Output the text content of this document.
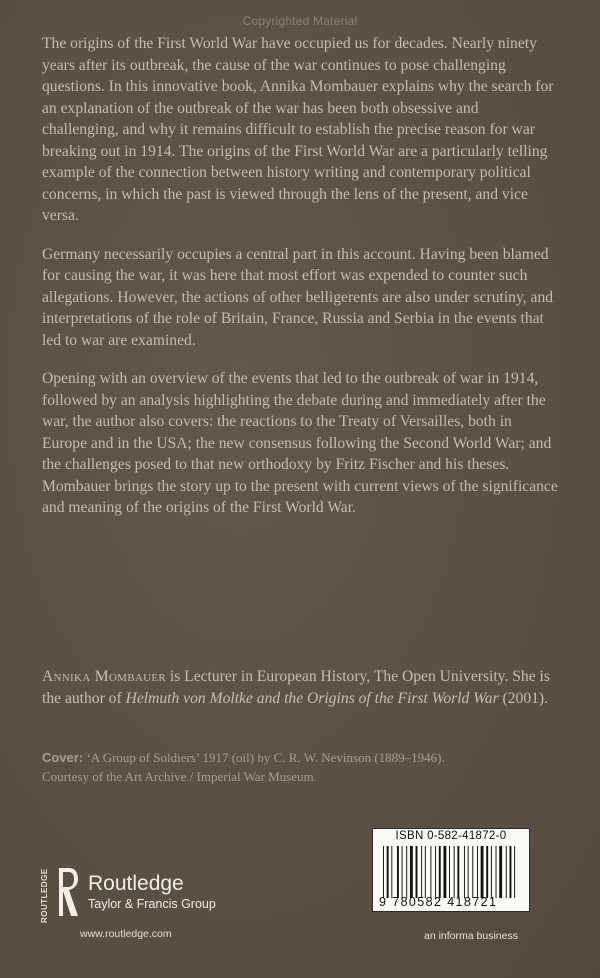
Copyrighted Material

The origins of the First World War have occupied us for decades. Nearly ninety years after its outbreak, the cause of the war continues to pose challenging questions. In this innovative book, Annika Mombauer explains why the search for an explanation of the outbreak of the war has been both obsessive and challenging, and why it remains difficult to establish the precise reason for war breaking out in 1914. The origins of the First World War are a particularly telling example of the connection between history writing and contemporary political concerns, in which the past is viewed through the lens of the present, and vice versa.

Germany necessarily occupies a central part in this account. Having been blamed for causing the war, it was here that most effort was expended to counter such allegations. However, the actions of other belligerents are also under scrutiny, and interpretations of the role of Britain, France, Russia and Serbia in the events that led to war are examined.

Opening with an overview of the events that led to the outbreak of war in 1914, followed by an analysis highlighting the debate during and immediately after the war, the author also covers: the reactions to the Treaty of Versailles, both in Europe and in the USA; the new consensus following the Second World War; and the challenges posed to that new orthodoxy by Fritz Fischer and his theses. Mombauer brings the story up to the present with current views of the significance and meaning of the origins of the First World War.

Annika Mombauer is Lecturer in European History, The Open University. She is the author of Helmuth von Moltke and the Origins of the First World War (2001).
Cover: ‘A Group of Soldiers’ 1917 (oil) by C. R. W. Nevinson (1889–1946).
Courtesy of the Art Archive / Imperial War Museum.
ROUTLEDGE Routledge
Taylor & Francis Group
www.routledge.com
ISBN 0-582-41872-0
9 780582 418721
an informa business
